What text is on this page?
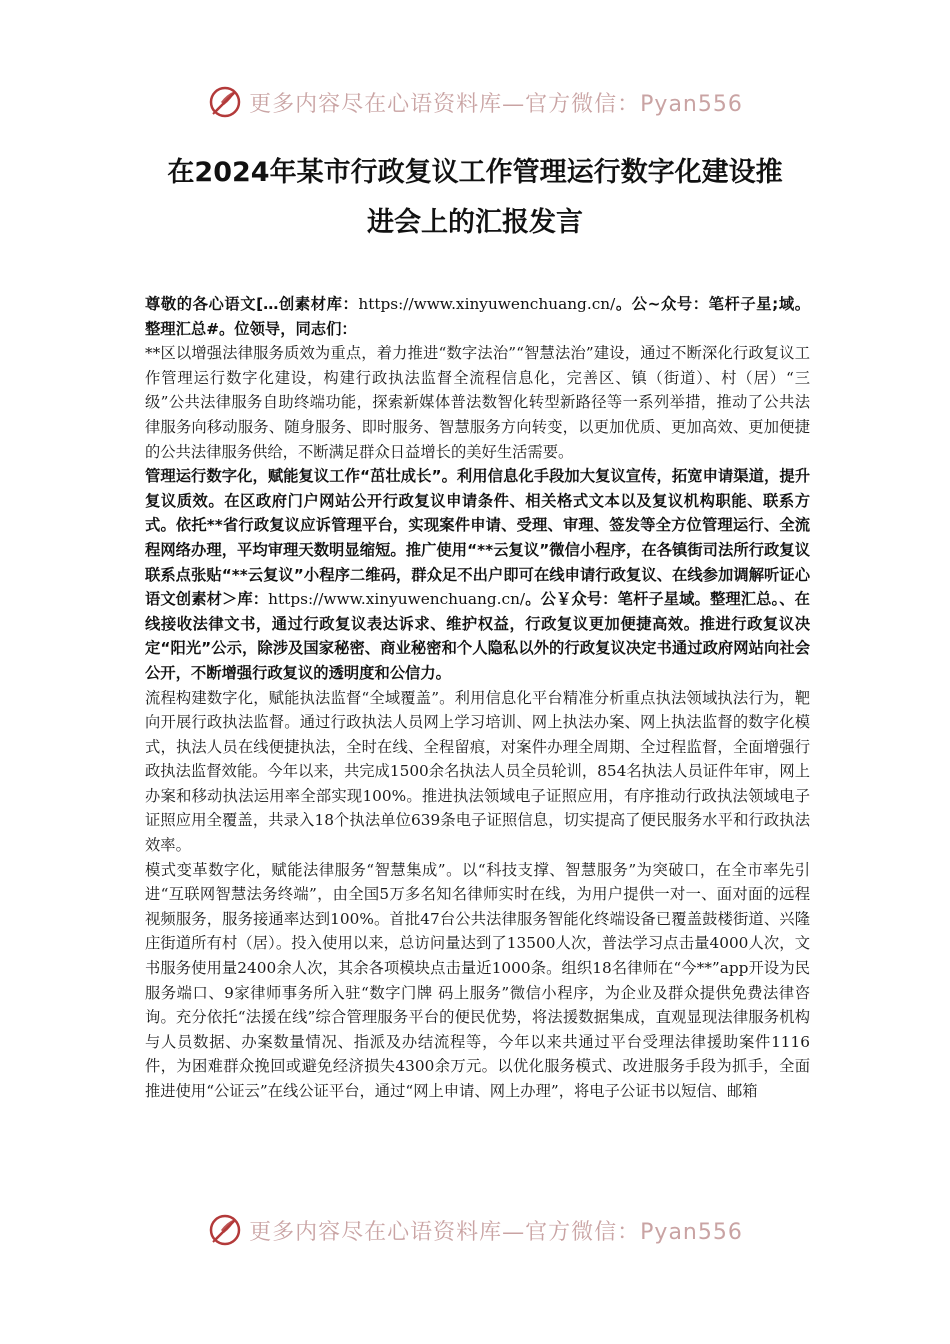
更多内容尽在心语资料库—官方微信：Pyan556
在2024年某市行政复议工作管理运行数字化建设推
进会上的汇报发言

尊敬的各心语文[…创素材库：https://www.xinyuwenchuang.cn/。公~众号：笔杆子星;域。整理汇总#。位领导，同志们：

**区以增强法律服务质效为重点，着力推进“数字法治”“智慧法治”建设，通过不断深化行政复议工作管理运行数字化建设，构建行政执法监督全流程信息化，完善区、镇（街道）、村（居）“三级”公共法律服务自助终端功能，探索新媒体普法数智化转型新路径等一系列举措，推动了公共法律服务向移动服务、随身服务、即时服务、智慧服务方向转变，以更加优质、更加高效、更加便捷的公共法律服务供给，不断满足群众日益增长的美好生活需要。

管理运行数字化，赋能复议工作“茁壮成长”。利用信息化手段加大复议宣传，拓宽申请渠道，提升复议质效。在区政府门户网站公开行政复议申请条件、相关格式文本以及复议机构职能、联系方式。依托**省行政复议应诉管理平台，实现案件申请、受理、审理、签发等全方位管理运行、全流程网络办理，平均审理天数明显缩短。推广使用“**云复议”微信小程序，在各镇街司法所行政复议联系点张贴“**云复议”小程序二维码，群众足不出户即可在线申请行政复议、在线参加调解听证心语文创素材＞库：https://www.xinyuwenchuang.cn/。公￥众号：笔杆子星域。整理汇总。、在线接收法律文书，通过行政复议表达诉求、维护权益，行政复议更加便捷高效。推进行政复议决定“阳光”公示，除涉及国家秘密、商业秘密和个人隐私以外的行政复议决定书通过政府网站向社会公开，不断增强行政复议的透明度和公信力。

流程构建数字化，赋能执法监督“全域覆盖”。利用信息化平台精准分析重点执法领域执法行为，靶向开展行政执法监督。通过行政执法人员网上学习培训、网上执法办案、网上执法监督的数字化模式，执法人员在线便捷执法，全时在线、全程留痕，对案件办理全周期、全过程监督，全面增强行政执法监督效能。今年以来，共完成1500余名执法人员全员轮训，854名执法人员证件年审，网上办案和移动执法运用率全部实现100%。推进执法领域电子证照应用，有序推动行政执法领域电子证照应用全覆盖，共录入18个执法单位639条电子证照信息，切实提高了便民服务水平和行政执法效率。

模式变革数字化，赋能法律服务“智慧集成”。以“科技支撑、智慧服务”为突破口，在全市率先引进“互联网智慧法务终端”，由全国5万多名知名律师实时在线，为用户提供一对一、面对面的远程视频服务，服务接通率达到100%。首批47台公共法律服务智能化终端设备已覆盖鼓楼街道、兴隆庄街道所有村（居）。投入使用以来，总访问量达到了13500人次，普法学习点击量4000人次，文书服务使用量2400余人次，其余各项模块点击量近1000条。组织18名律师在“今**”app开设为民服务端口、9家律师事务所入驻“数字门牌 码上服务”微信小程序，为企业及群众提供免费法律咨询。充分依托“法援在线”综合管理服务平台的便民优势，将法援数据集成，直观显现法律服务机构与人员数据、办案数量情况、指派及办结流程等，今年以来共通过平台受理法律援助案件1116件，为困难群众挽回或避免经济损失4300余万元。以优化服务模式、改进服务手段为抓手，全面推进使用“公证云”在线公证平台，通过“网上申请、网上办理”，将电子公证书以短信、邮箱

更多内容尽在心语资料库—官方微信：Pyan556
